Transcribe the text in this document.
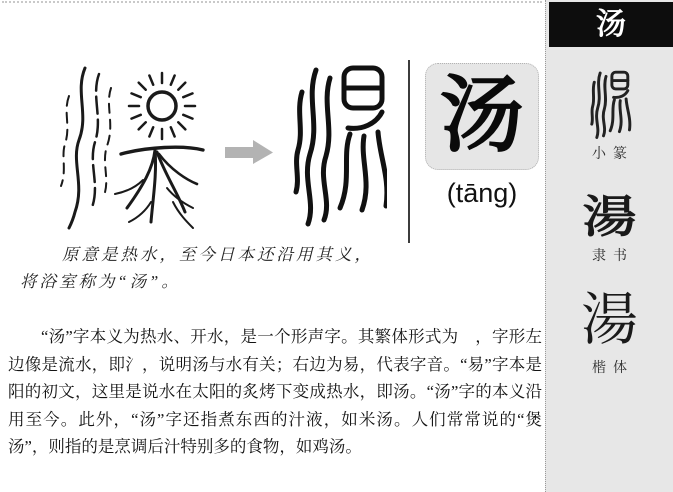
汤
(tāng)
原意是热水，至今日本还沿用其义，
将浴室称为“汤”。
“汤”字本义为热水、开水，是一个形声字。其繁体形式为　，字形左边像是流水，即氵，说明汤与水有关；右边为易，代表字音。“易”字本是阳的初文，这里是说水在太阳的炙烤下变成热水，即汤。“汤”字的本义沿用至今。此外，“汤”字还指煮东西的汁液，如米汤。人们常常说的“煲汤”，则指的是烹调后汁特别多的食物，如鸡汤。
汤
小篆
湯
隶书
湯
楷体
